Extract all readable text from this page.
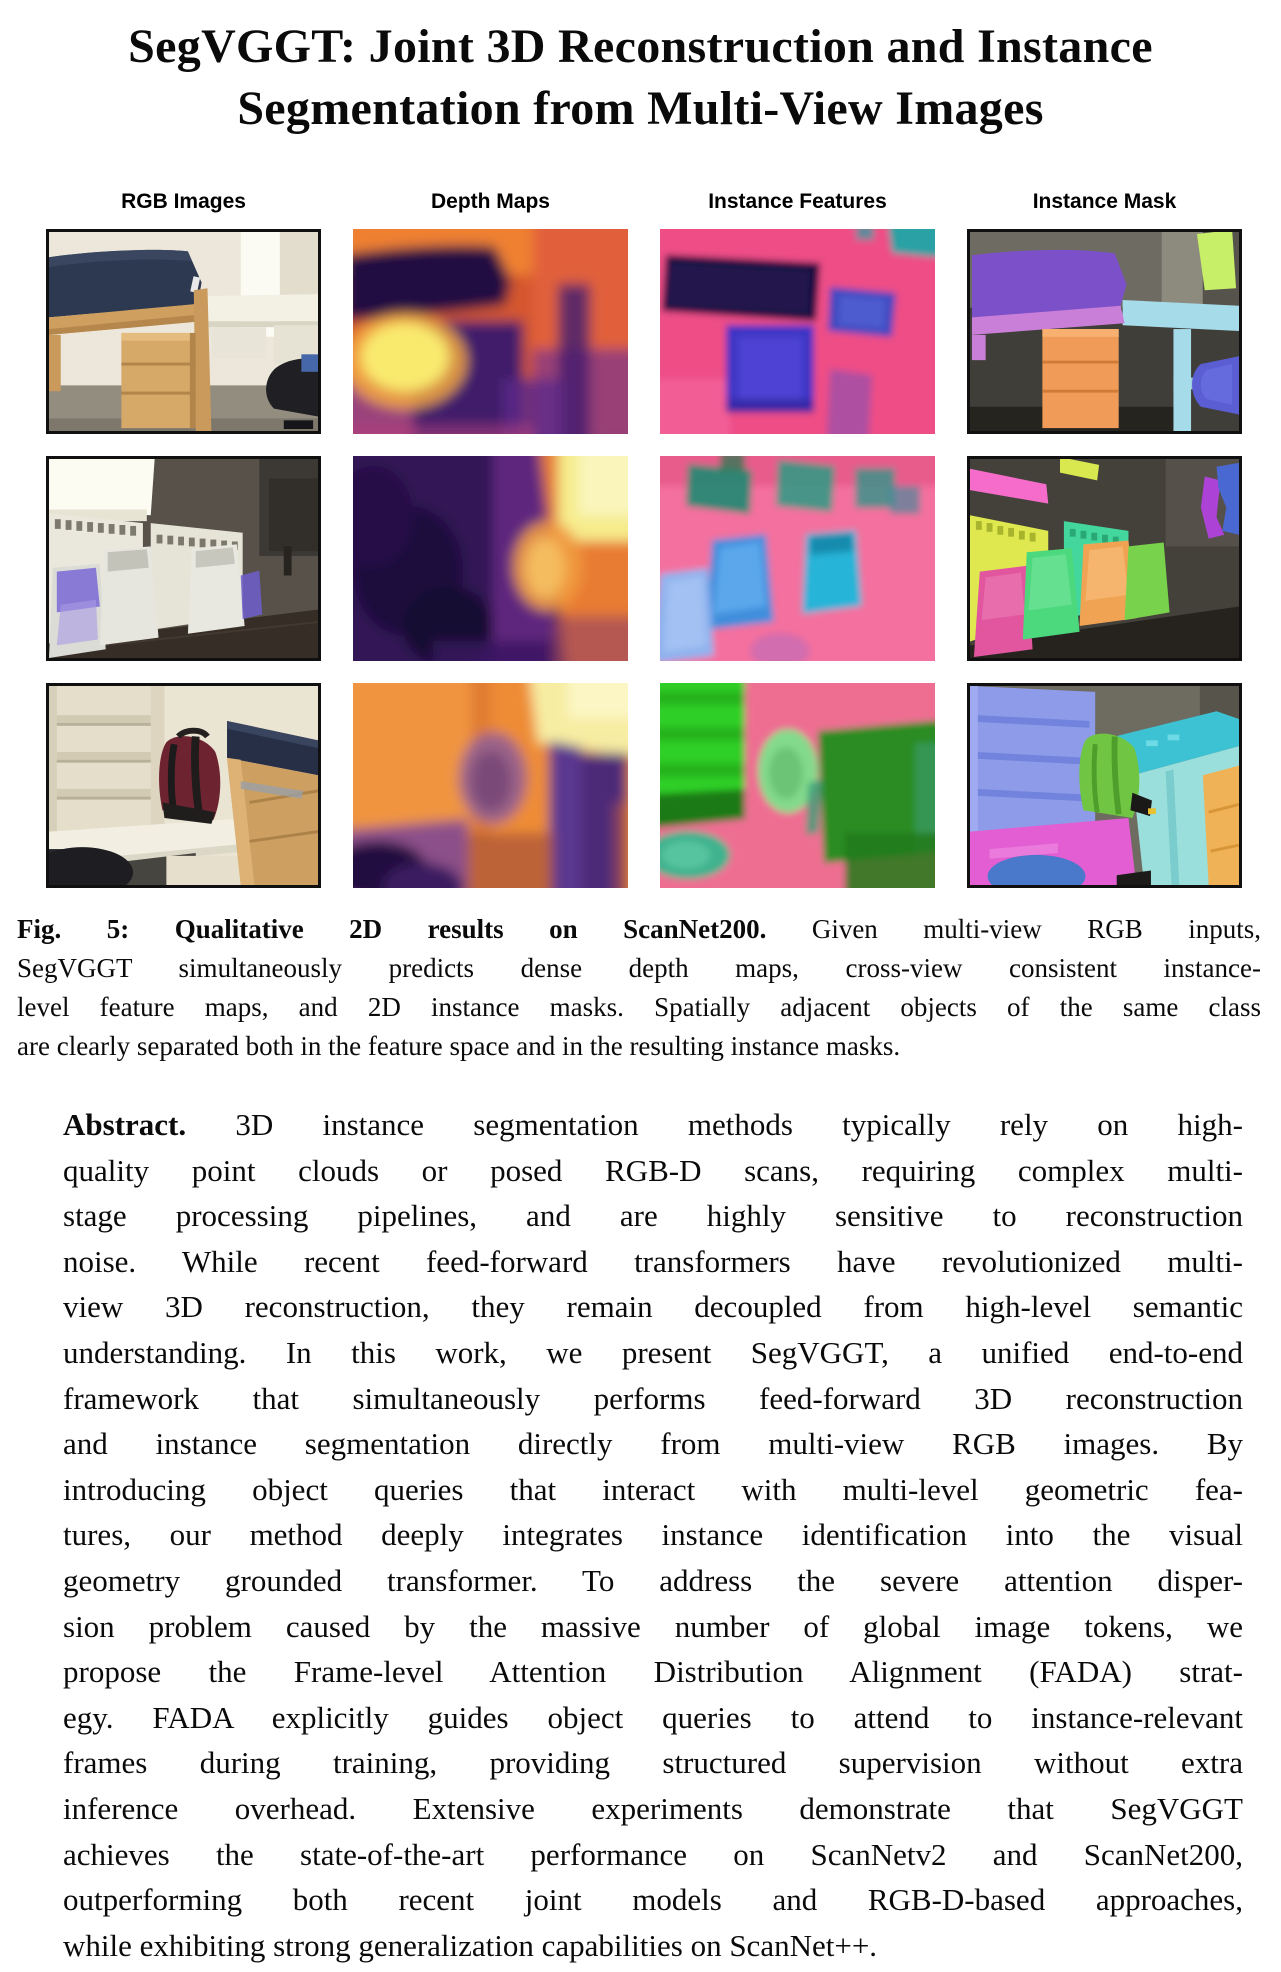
SegVGGT: Joint 3D Reconstruction and Instance
Segmentation from Multi-View Images
RGB Images	Depth Maps	Instance Features	Instance Mask
Fig. 5: Qualitative 2D results on ScanNet200. Given multi-view RGB inputs,
SegVGGT simultaneously predicts dense depth maps, cross-view consistent instance-
level feature maps, and 2D instance masks. Spatially adjacent objects of the same class
are clearly separated both in the feature space and in the resulting instance masks.
Abstract. 3D instance segmentation methods typically rely on high-
quality point clouds or posed RGB-D scans, requiring complex multi-
stage processing pipelines, and are highly sensitive to reconstruction
noise. While recent feed-forward transformers have revolutionized multi-
view 3D reconstruction, they remain decoupled from high-level semantic
understanding. In this work, we present SegVGGT, a unified end-to-end
framework that simultaneously performs feed-forward 3D reconstruction
and instance segmentation directly from multi-view RGB images. By
introducing object queries that interact with multi-level geometric fea-
tures, our method deeply integrates instance identification into the visual
geometry grounded transformer. To address the severe attention disper-
sion problem caused by the massive number of global image tokens, we
propose the Frame-level Attention Distribution Alignment (FADA) strat-
egy. FADA explicitly guides object queries to attend to instance-relevant
frames during training, providing structured supervision without extra
inference overhead. Extensive experiments demonstrate that SegVGGT
achieves the state-of-the-art performance on ScanNetv2 and ScanNet200,
outperforming both recent joint models and RGB-D-based approaches,
while exhibiting strong generalization capabilities on ScanNet++.
